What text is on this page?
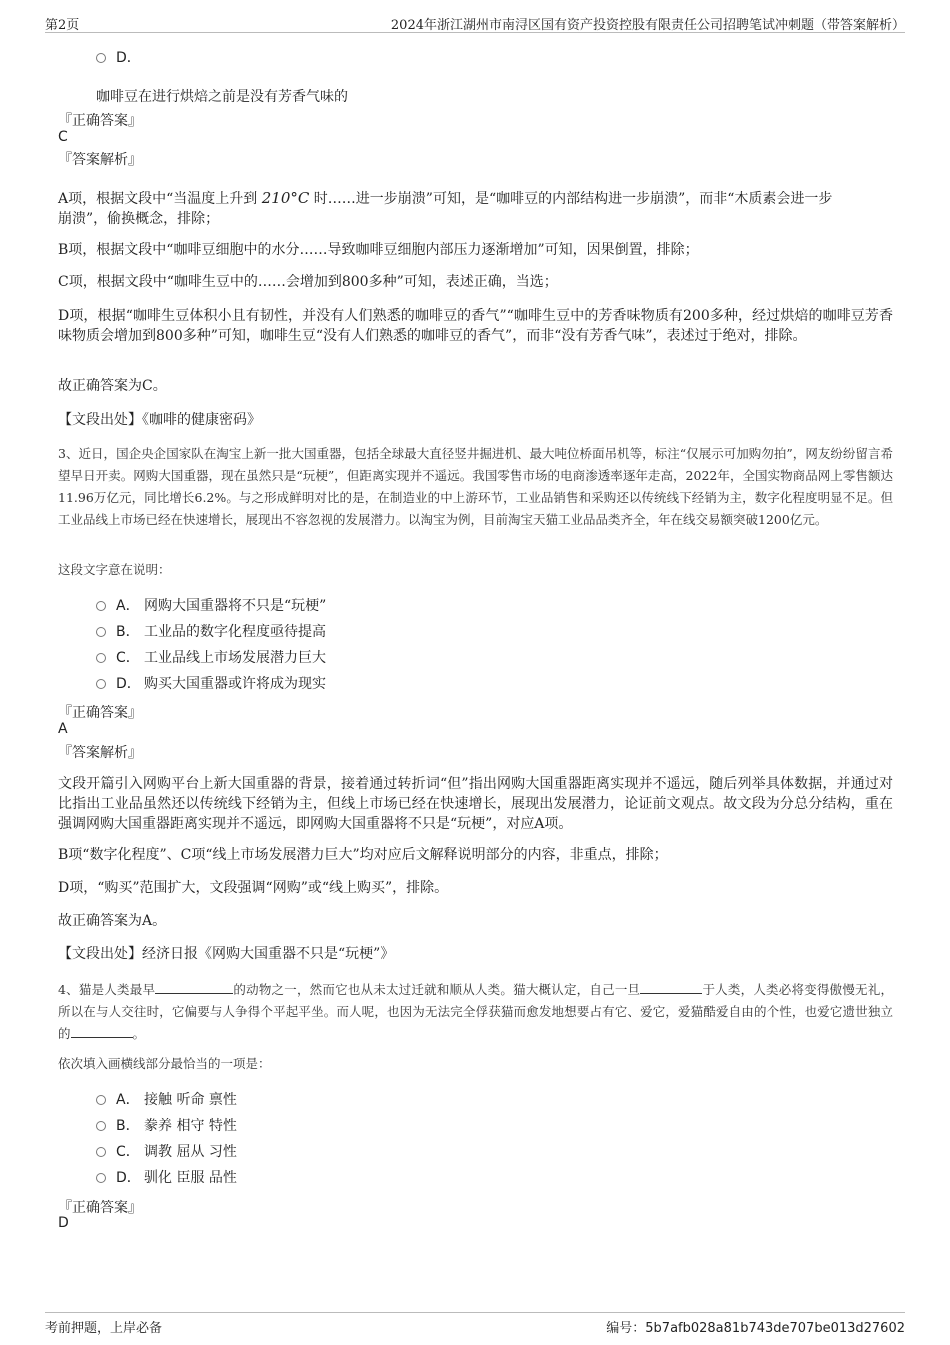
第2页	2024年浙江湖州市南浔区国有资产投资控股有限责任公司招聘笔试冲刺题（带答案解析）
D．
咖啡豆在进行烘焙之前是没有芳香气味的
『正确答案』
C
『答案解析』
A项，根据文段中“当温度上升到 210°C 时……进一步崩溃”可知，是“咖啡豆的内部结构进一步崩溃”，而非“木质素会进一步
崩溃”，偷换概念，排除；
B项，根据文段中“咖啡豆细胞中的水分……导致咖啡豆细胞内部压力逐渐增加”可知，因果倒置，排除；
C项，根据文段中“咖啡生豆中的……会增加到800多种”可知，表述正确，当选；
D项，根据“咖啡生豆体积小且有韧性，并没有人们熟悉的咖啡豆的香气”“咖啡生豆中的芳香味物质有200多种，经过烘焙的咖啡豆芳香味物质会增加到800多种”可知，咖啡生豆“没有人们熟悉的咖啡豆的香气”，而非“没有芳香气味”，表述过于绝对，排除。
故正确答案为C。
【文段出处】《咖啡的健康密码》
3、近日，国企央企国家队在淘宝上新一批大国重器，包括全球最大直径竖井掘进机、最大吨位桥面吊机等，标注“仅展示可加购勿拍”，网友纷纷留言希望早日开卖。网购大国重器，现在虽然只是“玩梗”，但距离实现并不遥远。我国零售市场的电商渗透率逐年走高，2022年，全国实物商品网上零售额达11.96万亿元，同比增长6.2%。与之形成鲜明对比的是，在制造业的中上游环节，工业品销售和采购还以传统线下经销为主，数字化程度明显不足。但工业品线上市场已经在快速增长，展现出不容忽视的发展潜力。以淘宝为例，目前淘宝天猫工业品品类齐全，年在线交易额突破1200亿元。
这段文字意在说明：
A． 网购大国重器将不只是“玩梗”
B． 工业品的数字化程度亟待提高
C． 工业品线上市场发展潜力巨大
D． 购买大国重器或许将成为现实
『正确答案』
A
『答案解析』
文段开篇引入网购平台上新大国重器的背景，接着通过转折词“但”指出网购大国重器距离实现并不遥远，随后列举具体数据，并通过对比指出工业品虽然还以传统线下经销为主，但线上市场已经在快速增长，展现出发展潜力，论证前文观点。故文段为分总分结构，重在强调网购大国重器距离实现并不遥远，即网购大国重器将不只是“玩梗”，对应A项。
B项“数字化程度”、C项“线上市场发展潜力巨大”均对应后文解释说明部分的内容，非重点，排除；
D项，“购买”范围扩大，文段强调“网购”或“线上购买”，排除。
故正确答案为A。
【文段出处】经济日报《网购大国重器不只是“玩梗”》
4、猫是人类最早	的动物之一，然而它也从未太过迁就和顺从人类。猫大概认定，自己一旦	于人类，人类必将变得傲慢无礼，所以在与人交往时，它偏要与人争得个平起平坐。而人呢，也因为无法完全俘获猫而愈发地想要占有它、爱它，爱猫酷爱自由的个性，也爱它遗世独立的	。
依次填入画横线部分最恰当的一项是：
A． 接触 听命 禀性
B． 豢养 相守 特性
C． 调教 屈从 习性
D． 驯化 臣服 品性
『正确答案』
D
考前押题，上岸必备	编号：5b7afb028a81b743de707be013d27602
